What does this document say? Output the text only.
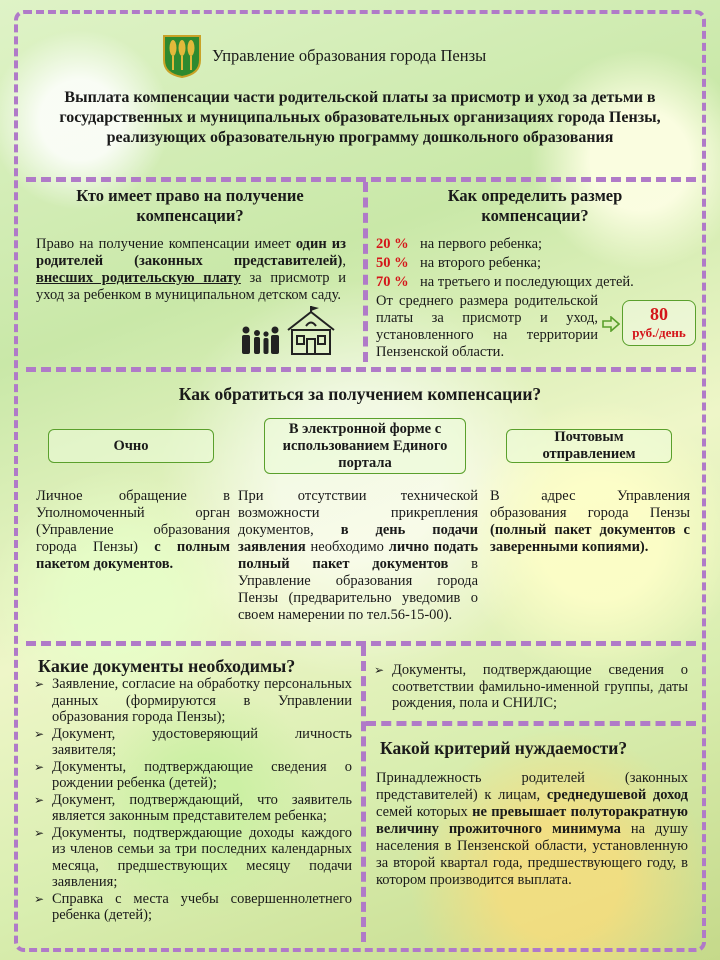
Управление образования города Пензы
Выплата компенсации части родительской платы за присмотр и уход за детьми в государственных и муниципальных образовательных организациях города Пензы, реализующих образовательную программу дошкольного образования
Кто имеет право на получение компенсации?
Право на получение компенсации имеет один из родителей (законных представителей), внесших родительскую плату за присмотр и уход за ребенком в муниципальном детском саду.
Как определить размер компенсации?
20 % на первого ребенка;
50 % на второго ребенка;
70 % на третьего и последующих детей.
От среднего размера родительской платы за присмотр и уход, установленного на территории Пензенской области.
80
руб./день
Как обратиться за получением компенсации?
Очно
В электронной форме с использованием Единого портала
Почтовым отправлением
Личное обращение в Уполномоченный орган (Управление образования города Пензы) с полным пакетом документов.
При отсутствии технической возможности прикрепления документов, в день подачи заявления необходимо лично подать полный пакет документов в Управление образования города Пензы (предварительно уведомив о своем намерении по тел.56-15-00).
В адрес Управления образования города Пензы (полный пакет документов с заверенными копиями).
Какие документы необходимы?
➢ Заявление, согласие на обработку персональных данных (формируются в Управлении образования города Пензы);
➢ Документ, удостоверяющий личность заявителя;
➢ Документы, подтверждающие сведения о рождении ребенка (детей);
➢ Документ, подтверждающий, что заявитель является законным представителем ребенка;
➢ Документы, подтверждающие доходы каждого из членов семьи за три последних календарных месяца, предшествующих месяцу подачи заявления;
➢ Справка с места учебы совершеннолетнего ребенка (детей);
➢ Документы, подтверждающие сведения о соответствии фамильно-именной группы, даты рождения, пола и СНИЛС;
Какой критерий нуждаемости?
Принадлежность родителей (законных представителей) к лицам, среднедушевой доход семей которых не превышает полуторакратную величину прожиточного минимума на душу населения в Пензенской области, установленную за второй квартал года, предшествующего году, в котором производится выплата.
